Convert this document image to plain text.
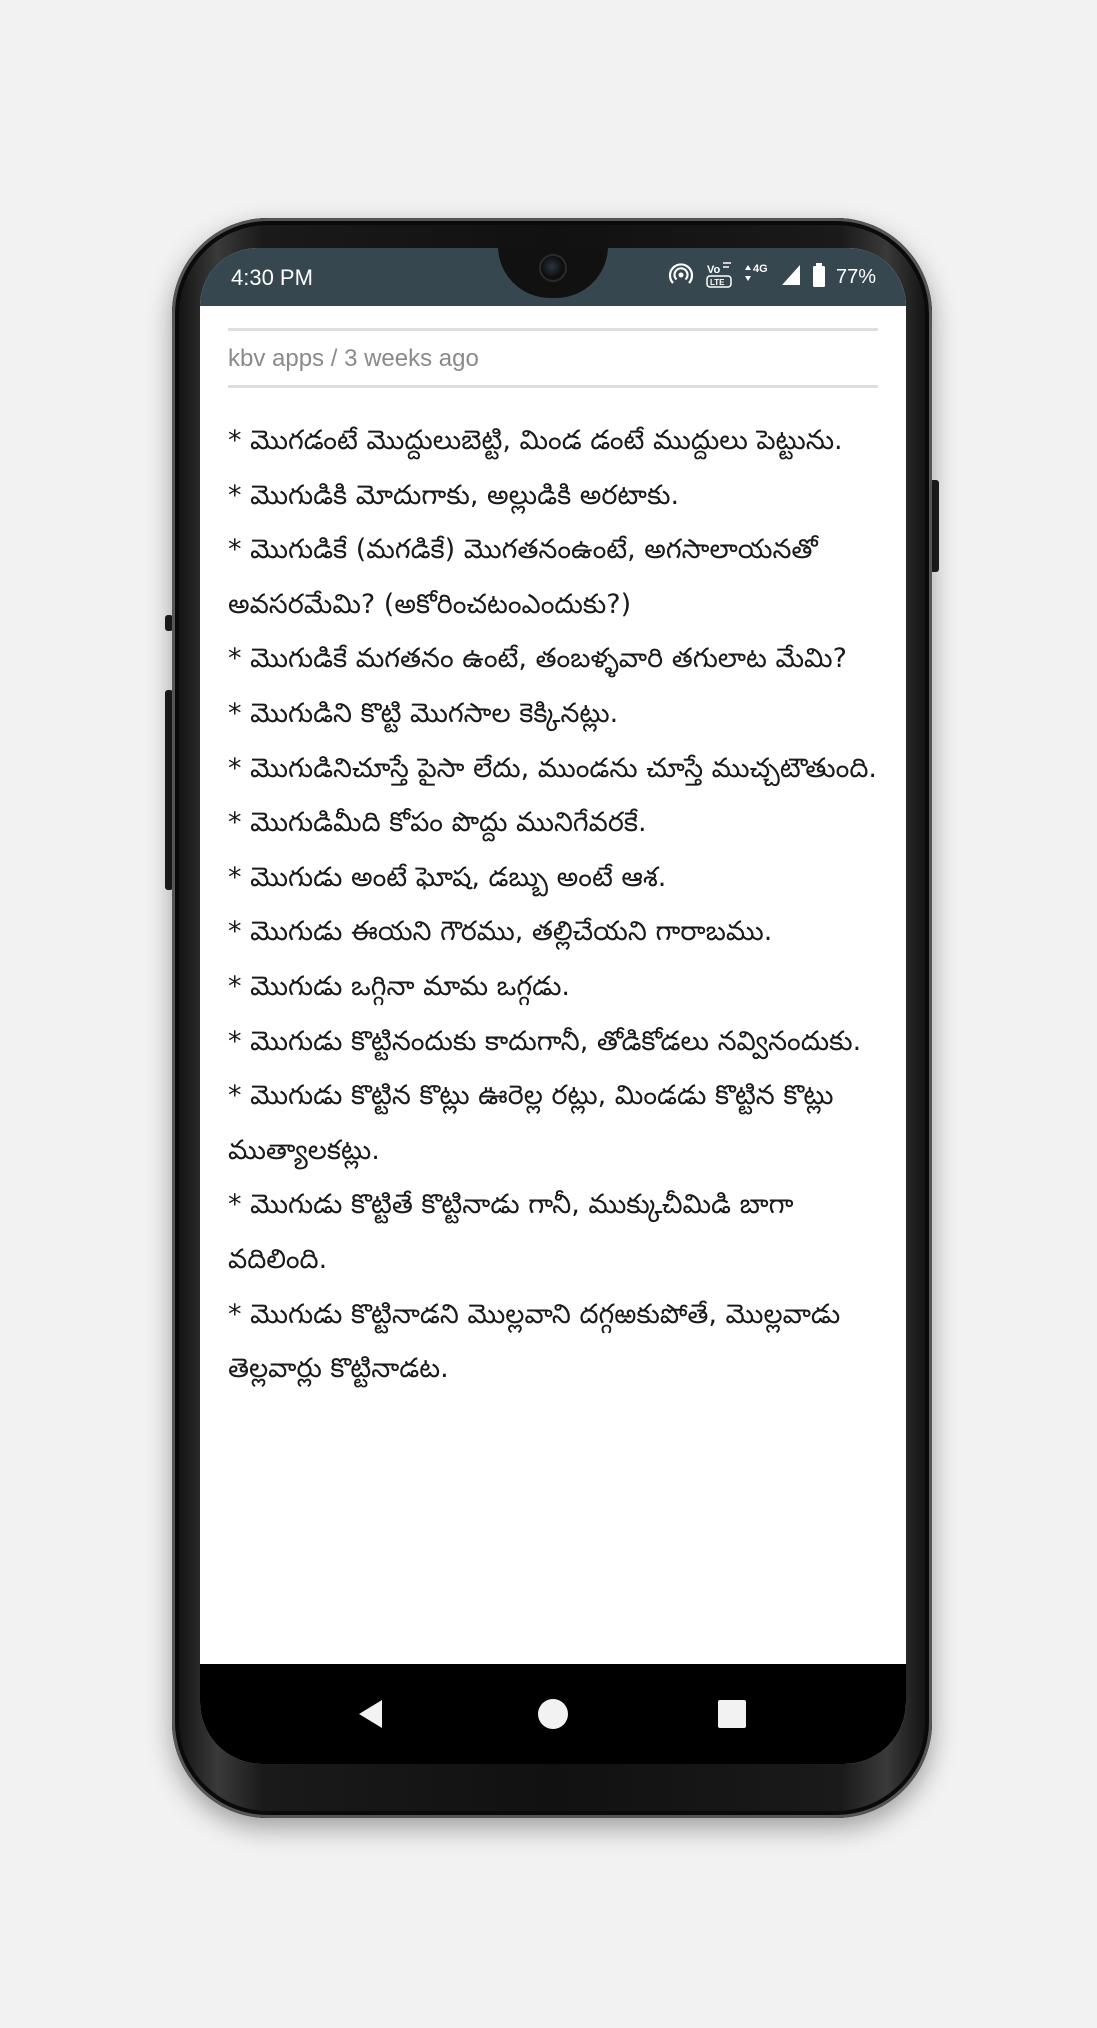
4:30 PM	Vo
LTE
4G	77%
kbv apps / 3 weeks ago
* మొగడంటే మొద్దులుబెట్టి, మిండ డంటే ముద్దులు పెట్టును.
* మొగుడికి మోదుగాకు, అల్లుడికి అరటాకు.
* మొగుడికే (మగడికే) మొగతనంఉంటే, అగసాలాయనతో అవసరమేమి? (అకోరించటంఎందుకు?)
* మొగుడికే మగతనం ఉంటే, తంబళ్ళవారి తగులాట మేమి?
* మొగుడిని కొట్టి మొగసాల కెక్కినట్లు.
* మొగుడినిచూస్తే పైసా లేదు, ముండను చూస్తే ముచ్చటౌతుంది.
* మొగుడిమీది కోపం పొద్దు మునిగేవరకే.
* మొగుడు అంటే ఘోష, డబ్బు అంటే ఆశ.
* మొగుడు ఈయని గౌరము, తల్లిచేయని గారాబము.
* మొగుడు ఒగ్గినా మామ ఒగ్గడు.
* మొగుడు కొట్టినందుకు కాదుగానీ, తోడికోడలు నవ్వినందుకు.
* మొగుడు కొట్టిన కొట్లు ఊరెల్ల రట్లు, మిండడు కొట్టిన కొట్లు ముత్యాలకట్లు.
* మొగుడు కొట్టితే కొట్టినాడు గానీ, ముక్కుచీమిడి బాగా వదిలింది.
* మొగుడు కొట్టినాడని మొల్లవాని దగ్గఱకుపోతే, మొల్లవాడు తెల్లవార్లు కొట్టినాడట.
